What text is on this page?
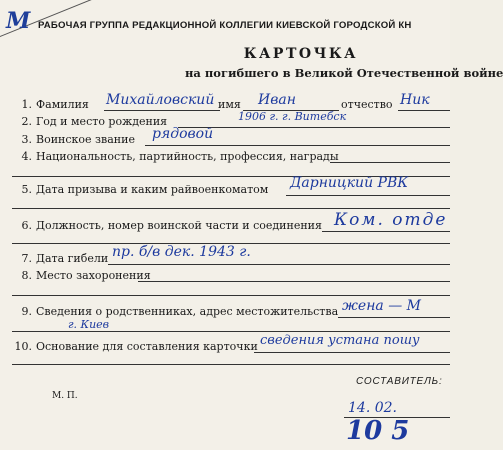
M РАБОЧАЯ ГРУППА РЕДАКЦИОННОЙ КОЛЛЕГИИ КИЕВСКОЙ ГОРОДСКОЙ КН
КАРТОЧКА
на погибшего в Великой Отечественной войне
1. Фамилия Михайловский имя Иван	отчество Ник
2. Год и место рождения	1906 г. г. Витебск
3. Воинское звание рядовой
4. Национальность, партийность, профессия, награды
5. Дата призыва и каким райвоенкоматом Дарницкий РВК
6. Должность, номер воинской части и соединения Ком. отде
7. Дата гибели пр. б/в дек. 1943 г.
8. Место захоронения
9. Сведения о родственниках, адрес местожительства жена — М
г. Киев
10. Основание для составления карточки сведения устана пошу
М. П.
СОСТАВИТЕЛЬ:
14. 02.
10 5
